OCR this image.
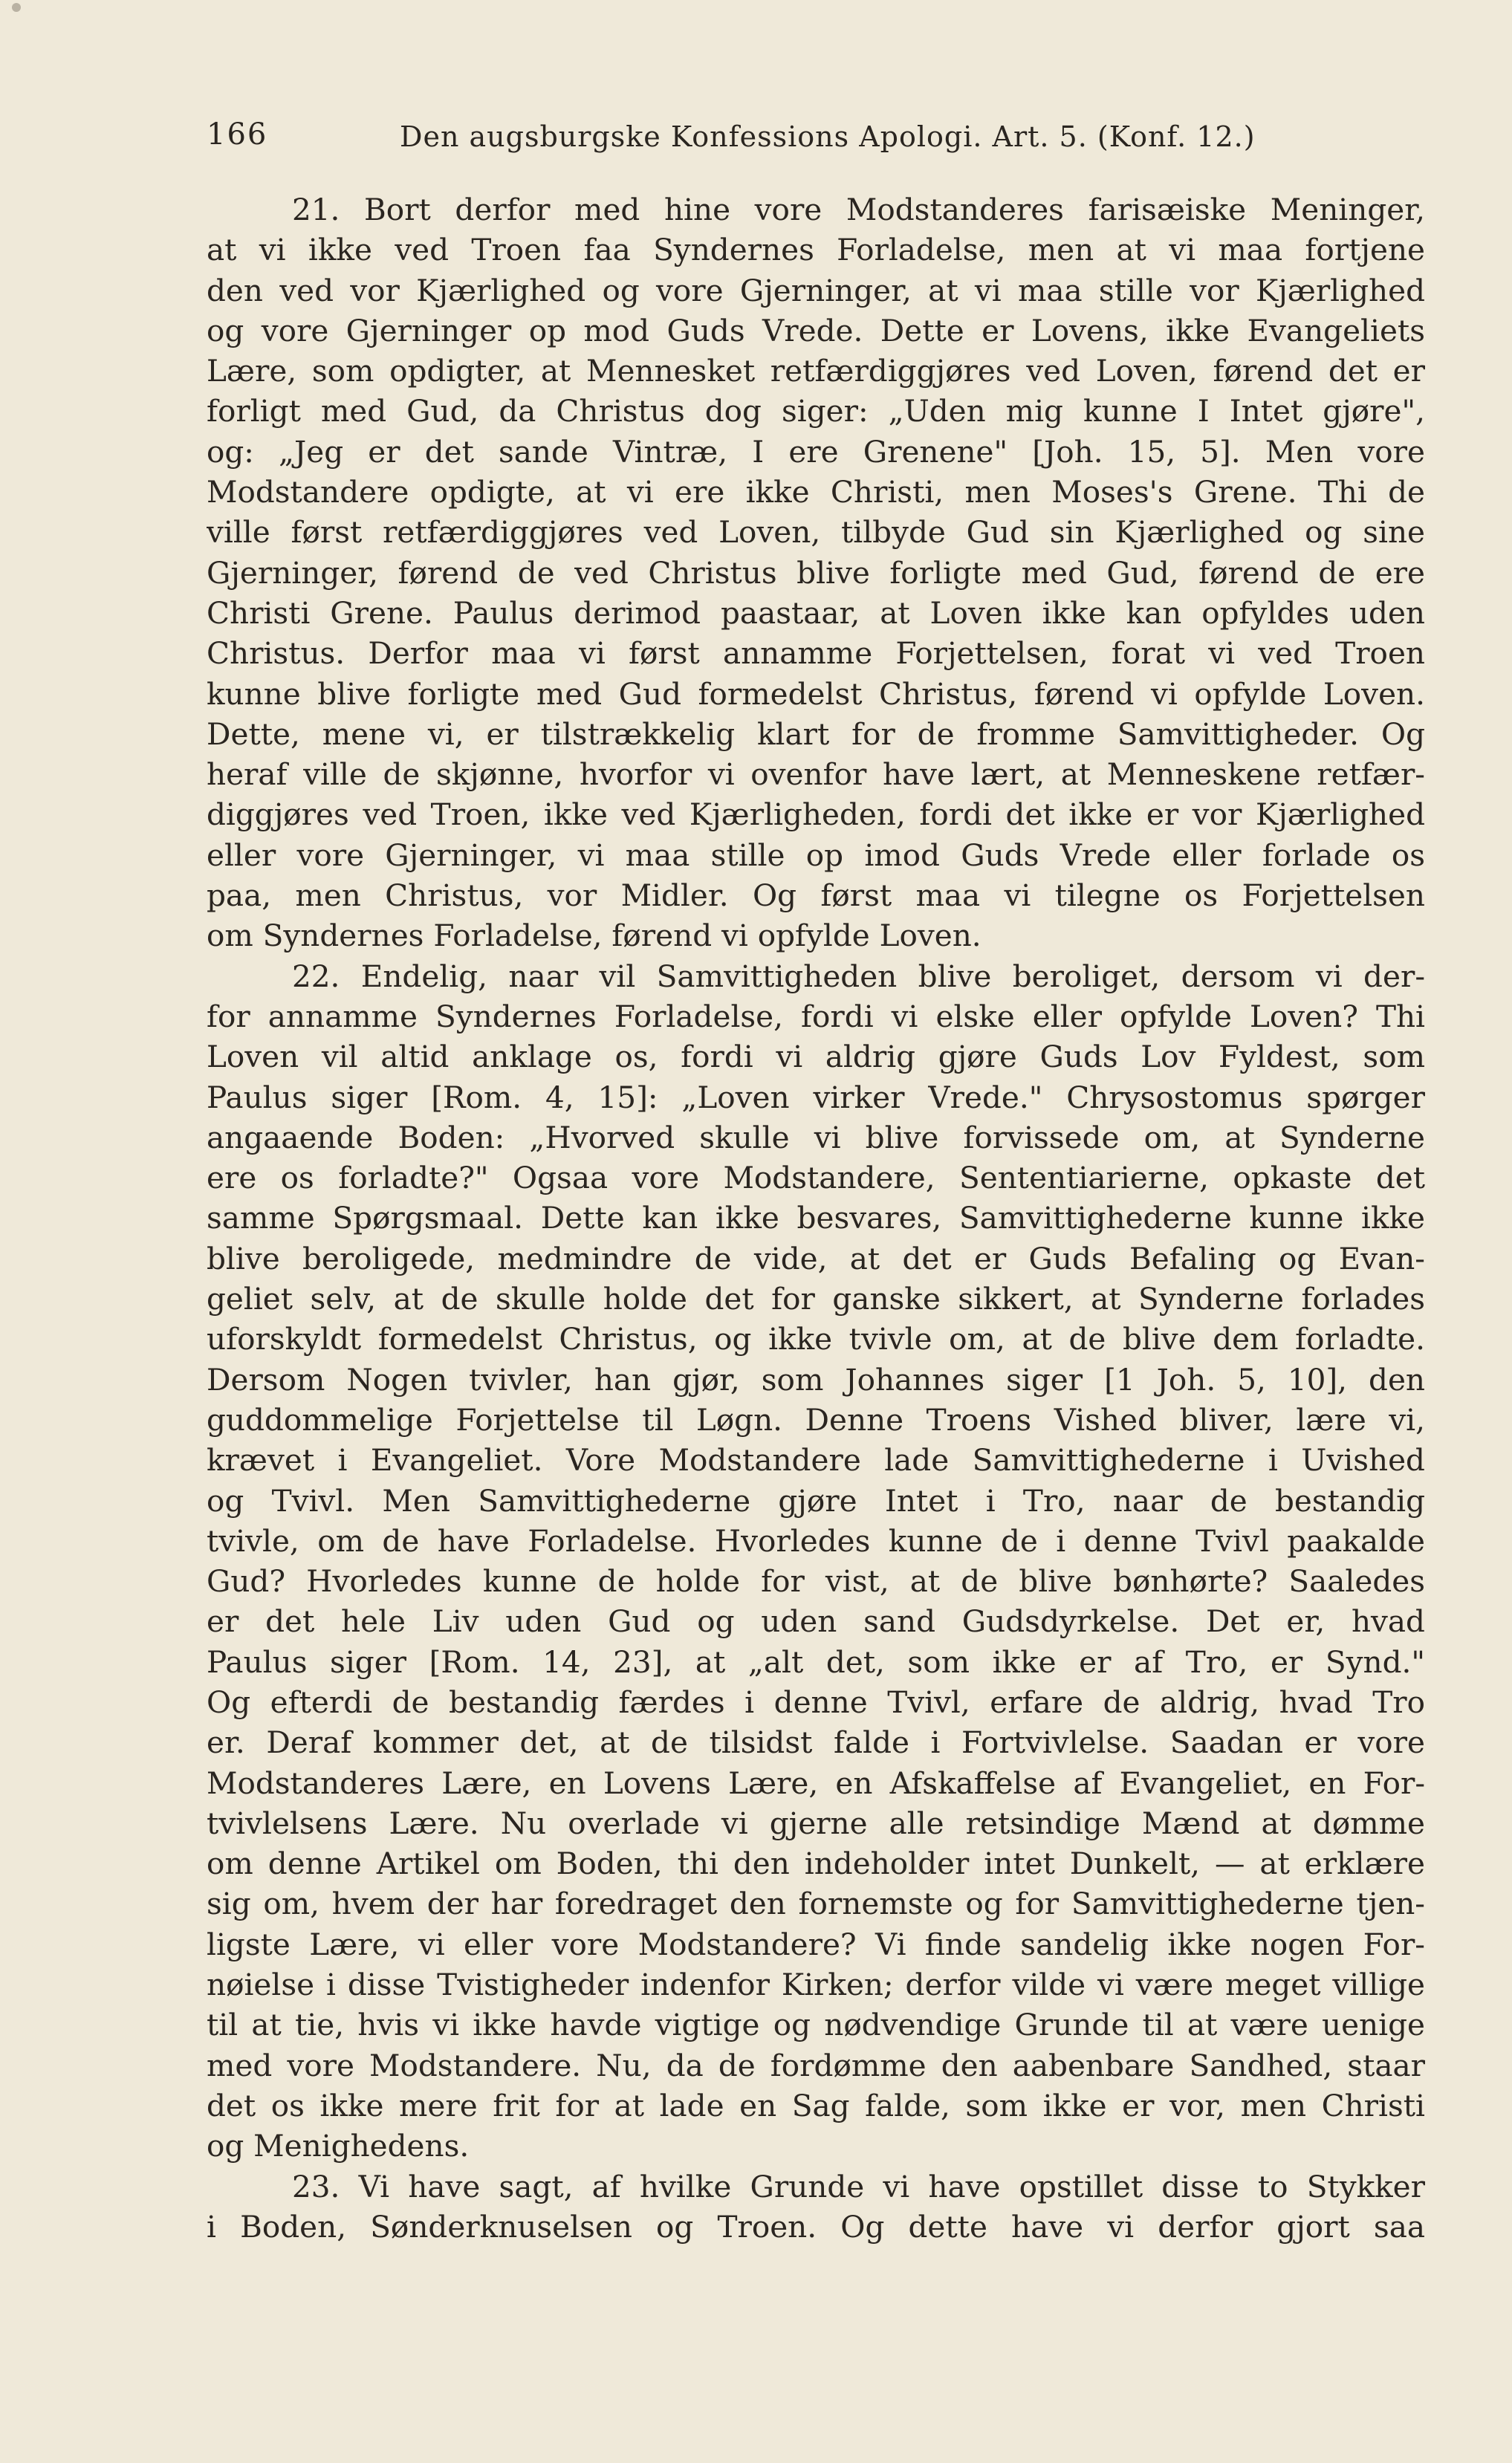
166	Den augsburgske Konfessions Apologi. Art. 5. (Konf. 12.)
21. Bort derfor med hine vore Modstanderes farisæiske Meninger,
at vi ikke ved Troen faa Syndernes Forladelse, men at vi maa fortjene
den ved vor Kjærlighed og vore Gjerninger, at vi maa stille vor Kjærlighed
og vore Gjerninger op mod Guds Vrede. Dette er Lovens, ikke Evangeliets
Lære, som opdigter, at Mennesket retfærdiggjøres ved Loven, førend det er
forligt med Gud, da Christus dog siger: „Uden mig kunne I Intet gjøre",
og: „Jeg er det sande Vintræ, I ere Grenene" [Joh. 15, 5]. Men vore
Modstandere opdigte, at vi ere ikke Christi, men Moses's Grene. Thi de
ville først retfærdiggjøres ved Loven, tilbyde Gud sin Kjærlighed og sine
Gjerninger, førend de ved Christus blive forligte med Gud, førend de ere
Christi Grene. Paulus derimod paastaar, at Loven ikke kan opfyldes uden
Christus. Derfor maa vi først annamme Forjettelsen, forat vi ved Troen
kunne blive forligte med Gud formedelst Christus, førend vi opfylde Loven.
Dette, mene vi, er tilstrækkelig klart for de fromme Samvittigheder. Og
heraf ville de skjønne, hvorfor vi ovenfor have lært, at Menneskene retfær-
diggjøres ved Troen, ikke ved Kjærligheden, fordi det ikke er vor Kjærlighed
eller vore Gjerninger, vi maa stille op imod Guds Vrede eller forlade os
paa, men Christus, vor Midler. Og først maa vi tilegne os Forjettelsen
om Syndernes Forladelse, førend vi opfylde Loven.
22. Endelig, naar vil Samvittigheden blive beroliget, dersom vi der-
for annamme Syndernes Forladelse, fordi vi elske eller opfylde Loven? Thi
Loven vil altid anklage os, fordi vi aldrig gjøre Guds Lov Fyldest, som
Paulus siger [Rom. 4, 15]: „Loven virker Vrede." Chrysostomus spørger
angaaende Boden: „Hvorved skulle vi blive forvissede om, at Synderne
ere os forladte?" Ogsaa vore Modstandere, Sententiarierne, opkaste det
samme Spørgsmaal. Dette kan ikke besvares, Samvittighederne kunne ikke
blive beroligede, medmindre de vide, at det er Guds Befaling og Evan-
geliet selv, at de skulle holde det for ganske sikkert, at Synderne forlades
uforskyldt formedelst Christus, og ikke tvivle om, at de blive dem forladte.
Dersom Nogen tvivler, han gjør, som Johannes siger [1 Joh. 5, 10], den
guddommelige Forjettelse til Løgn. Denne Troens Vished bliver, lære vi,
krævet i Evangeliet. Vore Modstandere lade Samvittighederne i Uvished
og Tvivl. Men Samvittighederne gjøre Intet i Tro, naar de bestandig
tvivle, om de have Forladelse. Hvorledes kunne de i denne Tvivl paakalde
Gud? Hvorledes kunne de holde for vist, at de blive bønhørte? Saaledes
er det hele Liv uden Gud og uden sand Gudsdyrkelse. Det er, hvad
Paulus siger [Rom. 14, 23], at „alt det, som ikke er af Tro, er Synd."
Og efterdi de bestandig færdes i denne Tvivl, erfare de aldrig, hvad Tro
er. Deraf kommer det, at de tilsidst falde i Fortvivlelse. Saadan er vore
Modstanderes Lære, en Lovens Lære, en Afskaffelse af Evangeliet, en For-
tvivlelsens Lære. Nu overlade vi gjerne alle retsindige Mænd at dømme
om denne Artikel om Boden, thi den indeholder intet Dunkelt, — at erklære
sig om, hvem der har foredraget den fornemste og for Samvittighederne tjen-
ligste Lære, vi eller vore Modstandere? Vi finde sandelig ikke nogen For-
nøielse i disse Tvistigheder indenfor Kirken; derfor vilde vi være meget villige
til at tie, hvis vi ikke havde vigtige og nødvendige Grunde til at være uenige
med vore Modstandere. Nu, da de fordømme den aabenbare Sandhed, staar
det os ikke mere frit for at lade en Sag falde, som ikke er vor, men Christi
og Menighedens.
23. Vi have sagt, af hvilke Grunde vi have opstillet disse to Stykker
i Boden, Sønderknuselsen og Troen. Og dette have vi derfor gjort saa
